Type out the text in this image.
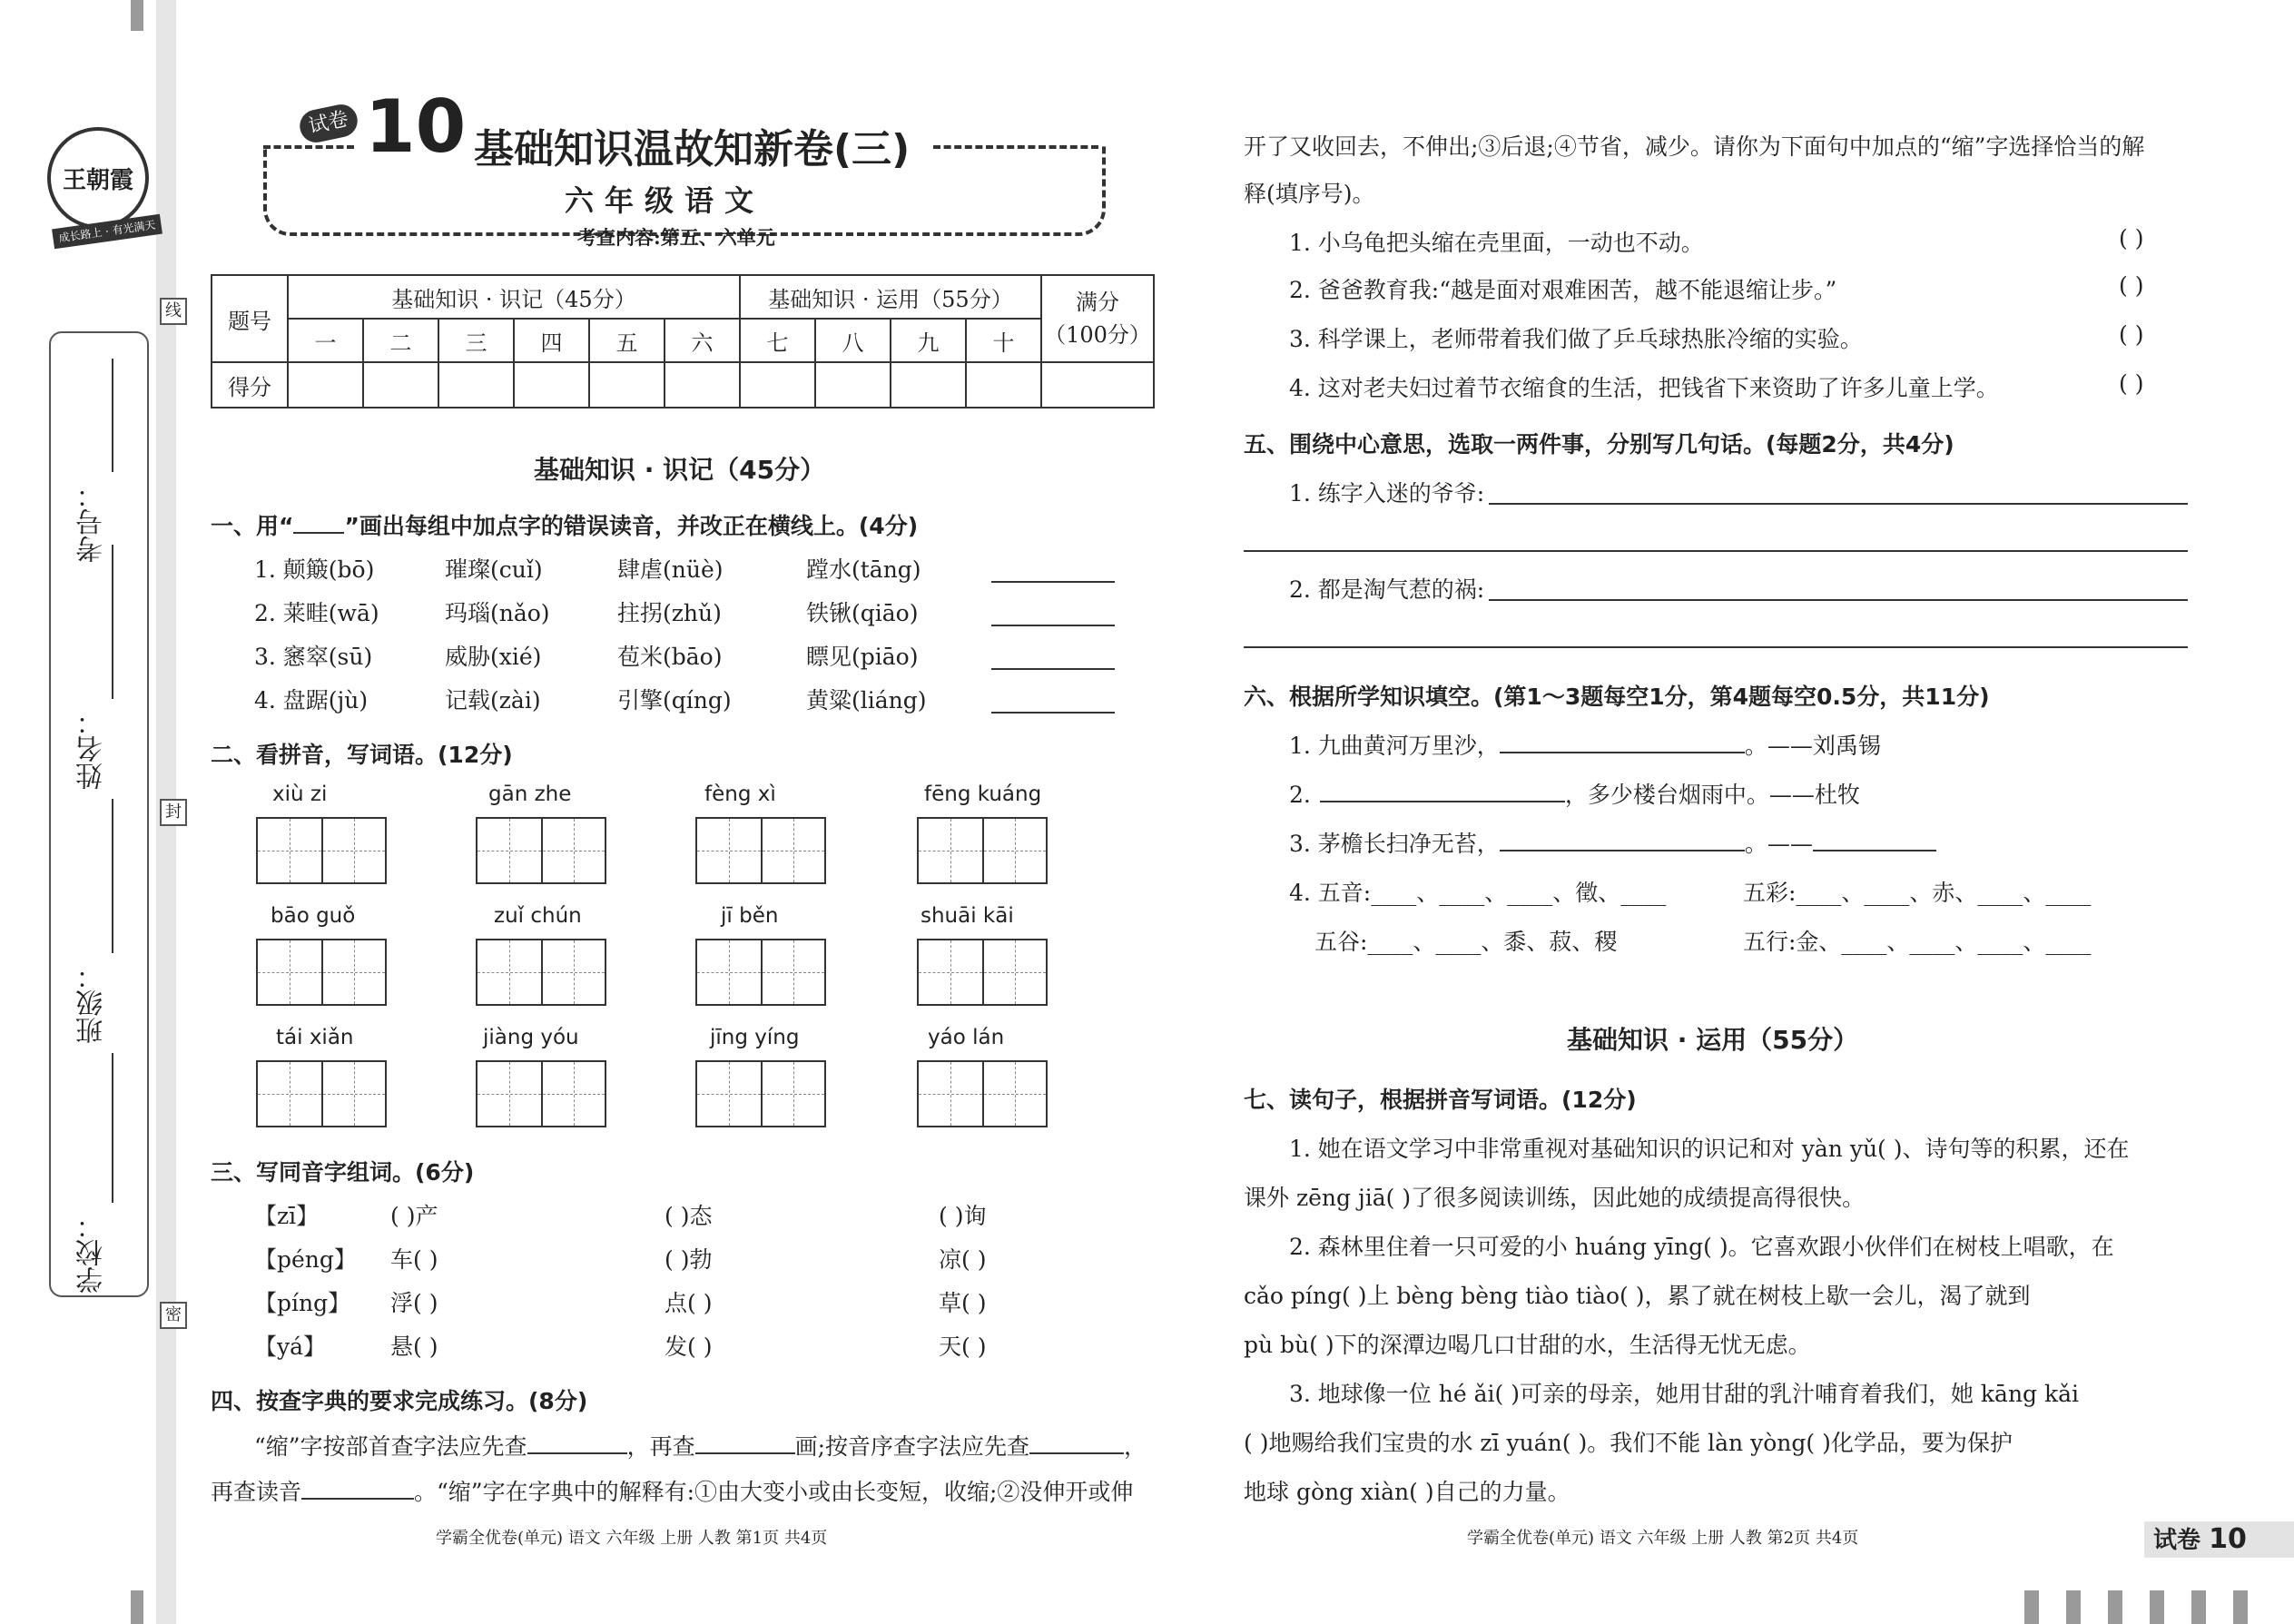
王朝霞
成长路上 · 有光满天
线
封
密
考号：
姓名：
班级：
学校：
试卷 10 基础知识温故知新卷(三)
六年级语文
考查内容:第五、六单元
题号	基础知识 · 识记（45分）						基础知识 · 运用（55分）				满分
（100分）
	一	二	三	四	五	六	七	八	九	十	
得分											
基础知识 · 识记（45分）
一、用“ ”画出每组中加点字的错误读音，并改正在横线上。(4分)
1. 颠簸(bō)	璀璨(cuǐ)	肆虐(nüè)	蹚水(tāng)
2. 莱畦(wā)	玛瑙(nǎo)	拄拐(zhǔ)	铁锹(qiāo)
3. 窸窣(sū)	威胁(xié)	苞米(bāo)	瞟见(piāo)
4. 盘踞(jù)	记载(zài)	引擎(qíng)	黄粱(liáng)
二、看拼音，写词语。(12分)
xiù zi	gān zhe	fèng xì	fēng kuáng
bāo guǒ	zuǐ chún	jī běn	shuāi kāi
tái xiǎn	jiàng yóu	jīng yíng	yáo lán
三、写同音字组词。(6分)
【zī】	( )产	( )态	( )询
【péng】 车( )	( )勃	凉( )
【píng】 浮( )	点( )	草( )
【yá】	悬( )	发( )	天( )
四、按查字典的要求完成练习。(8分)
“缩”字按部首查字法应先查	，再查	画;按音序查字法应先查	，
再查读音	。“缩”字在字典中的解释有:①由大变小或由长变短，收缩;②没伸开或伸
学霸全优卷(单元) 语文 六年级 上册 人教 第1页 共4页
开了又收回去，不伸出;③后退;④节省，减少。请你为下面句中加点的“缩”字选择恰当的解
释(填序号)。
1. 小乌龟把头缩在壳里面，一动也不动。	( )
2. 爸爸教育我:“越是面对艰难困苦，越不能退缩让步。”	( )
3. 科学课上，老师带着我们做了乒乓球热胀冷缩的实验。	( )
4. 这对老夫妇过着节衣缩食的生活，把钱省下来资助了许多儿童上学。	( )
五、围绕中心意思，选取一两件事，分别写几句话。(每题2分，共4分)
1. 练字入迷的爷爷:
2. 都是淘气惹的祸:
六、根据所学知识填空。(第1～3题每空1分，第4题每空0.5分，共11分)
1. 九曲黄河万里沙，	。——刘禹锡
2.	，多少楼台烟雨中。——杜牧
3. 茅檐长扫净无苔，	。——
4. 五音:____、____、____、徵、____	五彩:____、____、赤、____、____
五谷:____、____、黍、菽、稷	五行:金、____、____、____、____
基础知识 · 运用（55分）
七、读句子，根据拼音写词语。(12分)
1. 她在语文学习中非常重视对基础知识的识记和对 yàn yǔ( )、诗句等的积累，还在
课外 zēng jiā( )了很多阅读训练，因此她的成绩提高得很快。
2. 森林里住着一只可爱的小 huáng yīng( )。它喜欢跟小伙伴们在树枝上唱歌，在
cǎo píng( )上 bèng bèng tiào tiào( )，累了就在树枝上歇一会儿，渴了就到
pù bù( )下的深潭边喝几口甘甜的水，生活得无忧无虑。
3. 地球像一位 hé ǎi( )可亲的母亲，她用甘甜的乳汁哺育着我们，她 kāng kǎi
( )地赐给我们宝贵的水 zī yuán( )。我们不能 làn yòng( )化学品，要为保护
地球 gòng xiàn( )自己的力量。
学霸全优卷(单元) 语文 六年级 上册 人教 第2页 共4页	试卷 10
